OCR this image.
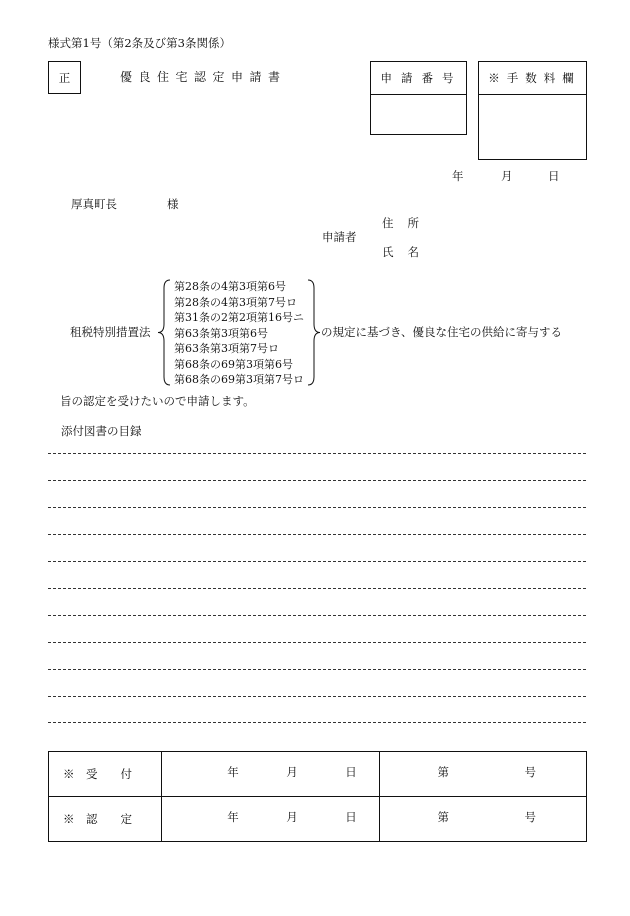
様式第1号（第2条及び第3条関係）
正	優良住宅認定申請書	申請番号 ※手数料欄
年	月	日
厚真町長	様
申請者
住所
氏名
租税特別措置法
第28条の4第3項第6号
第28条の4第3項第7号ロ
第31条の2第2項第16号ニ
第63条第3項第6号
第63条第3項第7号ロ
第68条の69第3項第6号
第68条の69第3項第7号ロ
の規定に基づき、優良な住宅の供給に寄与する
旨の認定を受けたいので申請します。
添付図書の目録
※　受　　付	年 月 日	第 号

※　認　　定	年 月 日	第 号
